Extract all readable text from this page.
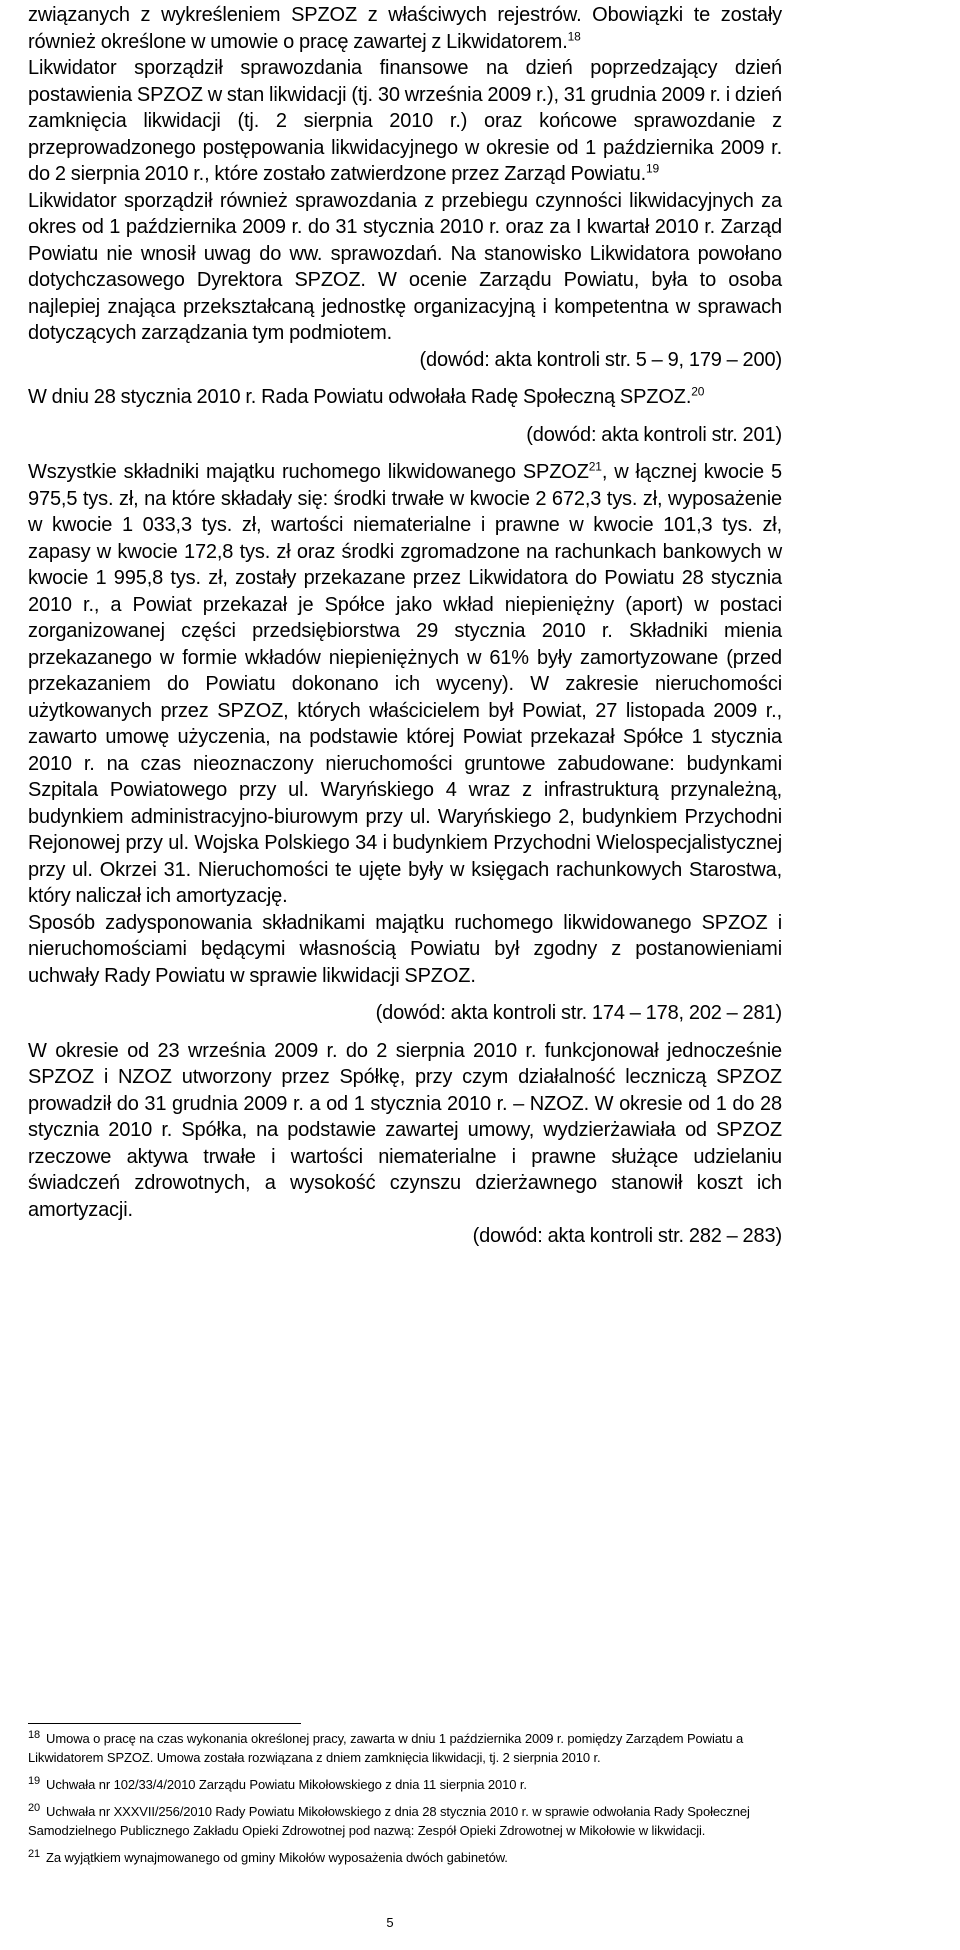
związanych z wykreśleniem SPZOZ z właściwych rejestrów. Obowiązki te zostały również określone w umowie o pracę zawartej z Likwidatorem.$^{18}$

Likwidator sporządził sprawozdania finansowe na dzień poprzedzający dzień postawienia SPZOZ w stan likwidacji (tj. 30 września 2009 r.), 31 grudnia 2009 r. i dzień zamknięcia likwidacji (tj. 2 sierpnia 2010 r.) oraz końcowe sprawozdanie z przeprowadzonego postępowania likwidacyjnego w okresie od 1 października 2009 r. do 2 sierpnia 2010 r., które zostało zatwierdzone przez Zarząd Powiatu.$^{19}$

Likwidator sporządził również sprawozdania z przebiegu czynności likwidacyjnych za okres od 1 października 2009 r. do 31 stycznia 2010 r. oraz za I kwartał 2010 r. Zarząd Powiatu nie wnosił uwag do ww. sprawozdań. Na stanowisko Likwidatora powołano dotychczasowego Dyrektora SPZOZ. W ocenie Zarządu Powiatu, była to osoba najlepiej znająca przekształcaną jednostkę organizacyjną i kompetentna w sprawach dotyczących zarządzania tym podmiotem.

(dowód: akta kontroli str. 5 – 9, 179 – 200)

W dniu 28 stycznia 2010 r. Rada Powiatu odwołała Radę Społeczną SPZOZ.$^{20}$

(dowód: akta kontroli str. 201)

Wszystkie składniki majątku ruchomego likwidowanego SPZOZ$^{21}$, w łącznej kwocie 5 975,5 tys. zł, na które składały się: środki trwałe w kwocie 2 672,3 tys. zł, wyposażenie w kwocie 1 033,3 tys. zł, wartości niematerialne i prawne w kwocie 101,3 tys. zł, zapasy w kwocie 172,8 tys. zł oraz środki zgromadzone na rachunkach bankowych w kwocie 1 995,8 tys. zł, zostały przekazane przez Likwidatora do Powiatu 28 stycznia 2010 r., a Powiat przekazał je Spółce jako wkład niepieniężny (aport) w postaci zorganizowanej części przedsiębiorstwa 29 stycznia 2010 r. Składniki mienia przekazanego w formie wkładów niepieniężnych w 61% były zamortyzowane (przed przekazaniem do Powiatu dokonano ich wyceny). W zakresie nieruchomości użytkowanych przez SPZOZ, których właścicielem był Powiat, 27 listopada 2009 r., zawarto umowę użyczenia, na podstawie której Powiat przekazał Spółce 1 stycznia 2010 r. na czas nieoznaczony nieruchomości gruntowe zabudowane: budynkami Szpitala Powiatowego przy ul. Waryńskiego 4 wraz z infrastrukturą przynależną, budynkiem administracyjno-biurowym przy ul. Waryńskiego 2, budynkiem Przychodni Rejonowej przy ul. Wojska Polskiego 34 i budynkiem Przychodni Wielospecjalistycznej przy ul. Okrzei 31. Nieruchomości te ujęte były w księgach rachunkowych Starostwa, który naliczał ich amortyzację.

Sposób zadysponowania składnikami majątku ruchomego likwidowanego SPZOZ i nieruchomościami będącymi własnością Powiatu był zgodny z postanowieniami uchwały Rady Powiatu w sprawie likwidacji SPZOZ.

(dowód: akta kontroli str. 174 – 178, 202 – 281)

W okresie od 23 września 2009 r. do 2 sierpnia 2010 r. funkcjonował jednocześnie SPZOZ i NZOZ utworzony przez Spółkę, przy czym działalność leczniczą SPZOZ prowadził do 31 grudnia 2009 r. a od 1 stycznia 2010 r. – NZOZ. W okresie od 1 do 28 stycznia 2010 r. Spółka, na podstawie zawartej umowy, wydzierżawiała od SPZOZ rzeczowe aktywa trwałe i wartości niematerialne i prawne służące udzielaniu świadczeń zdrowotnych, a wysokość czynszu dzierżawnego stanowił koszt ich amortyzacji.

(dowód: akta kontroli str. 282 – 283)

$^{18}$ Umowa o pracę na czas wykonania określonej pracy, zawarta w dniu 1 października 2009 r. pomiędzy Zarządem Powiatu a Likwidatorem SPZOZ. Umowa została rozwiązana z dniem zamknięcia likwidacji, tj. 2 sierpnia 2010 r.

$^{19}$ Uchwała nr 102/33/4/2010 Zarządu Powiatu Mikołowskiego z dnia 11 sierpnia 2010 r.

$^{20}$ Uchwała nr XXXVII/256/2010 Rady Powiatu Mikołowskiego z dnia 28 stycznia 2010 r. w sprawie odwołania Rady Społecznej Samodzielnego Publicznego Zakładu Opieki Zdrowotnej pod nazwą: Zespół Opieki Zdrowotnej w Mikołowie w likwidacji.

$^{21}$ Za wyjątkiem wynajmowanego od gminy Mikołów wyposażenia dwóch gabinetów.

5
